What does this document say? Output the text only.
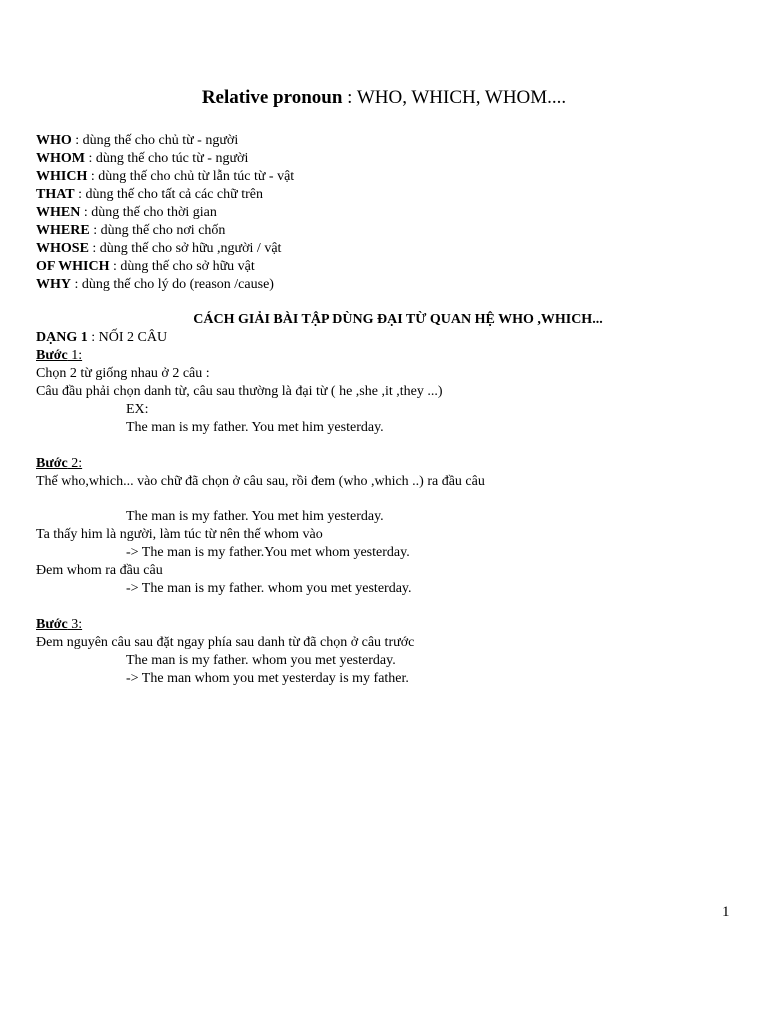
Relative pronoun : WHO, WHICH, WHOM....
WHO : dùng thế cho chủ từ - người
WHOM : dùng thế cho túc từ - người
WHICH : dùng thế cho chủ từ lẫn túc từ - vật
THAT : dùng thế cho tất cả các chữ trên
WHEN : dùng thế cho thời gian
WHERE : dùng thế cho nơi chốn
WHOSE : dùng thế cho sở hữu ,người / vật
OF WHICH : dùng thế cho sở hữu vật
WHY : dùng thế cho lý do (reason /cause)
CÁCH GIẢI BÀI TẬP DÙNG ĐẠI TỪ QUAN HỆ WHO ,WHICH...
DẠNG 1 : NỐI 2 CÂU
Bước 1:
Chọn 2 từ giống nhau ở 2 câu :
Câu đầu phải chọn danh từ, câu sau thường là đại từ ( he ,she ,it ,they ...)
EX:
The man is my father. You met him yesterday.
Bước 2:
Thế who,which... vào chữ đã chọn ở câu sau, rồi đem (who ,which ..) ra đầu câu
The man is my father. You met him yesterday.
Ta thấy him là người, làm túc từ nên thế whom vào
-> The man is my father.You met whom yesterday.
Đem whom ra đầu câu
-> The man is my father. whom you met yesterday.
Bước 3:
Đem nguyên câu sau đặt ngay phía sau danh từ đã chọn ở câu trước
The man is my father. whom you met yesterday.
-> The man whom you met yesterday is my father.
1
